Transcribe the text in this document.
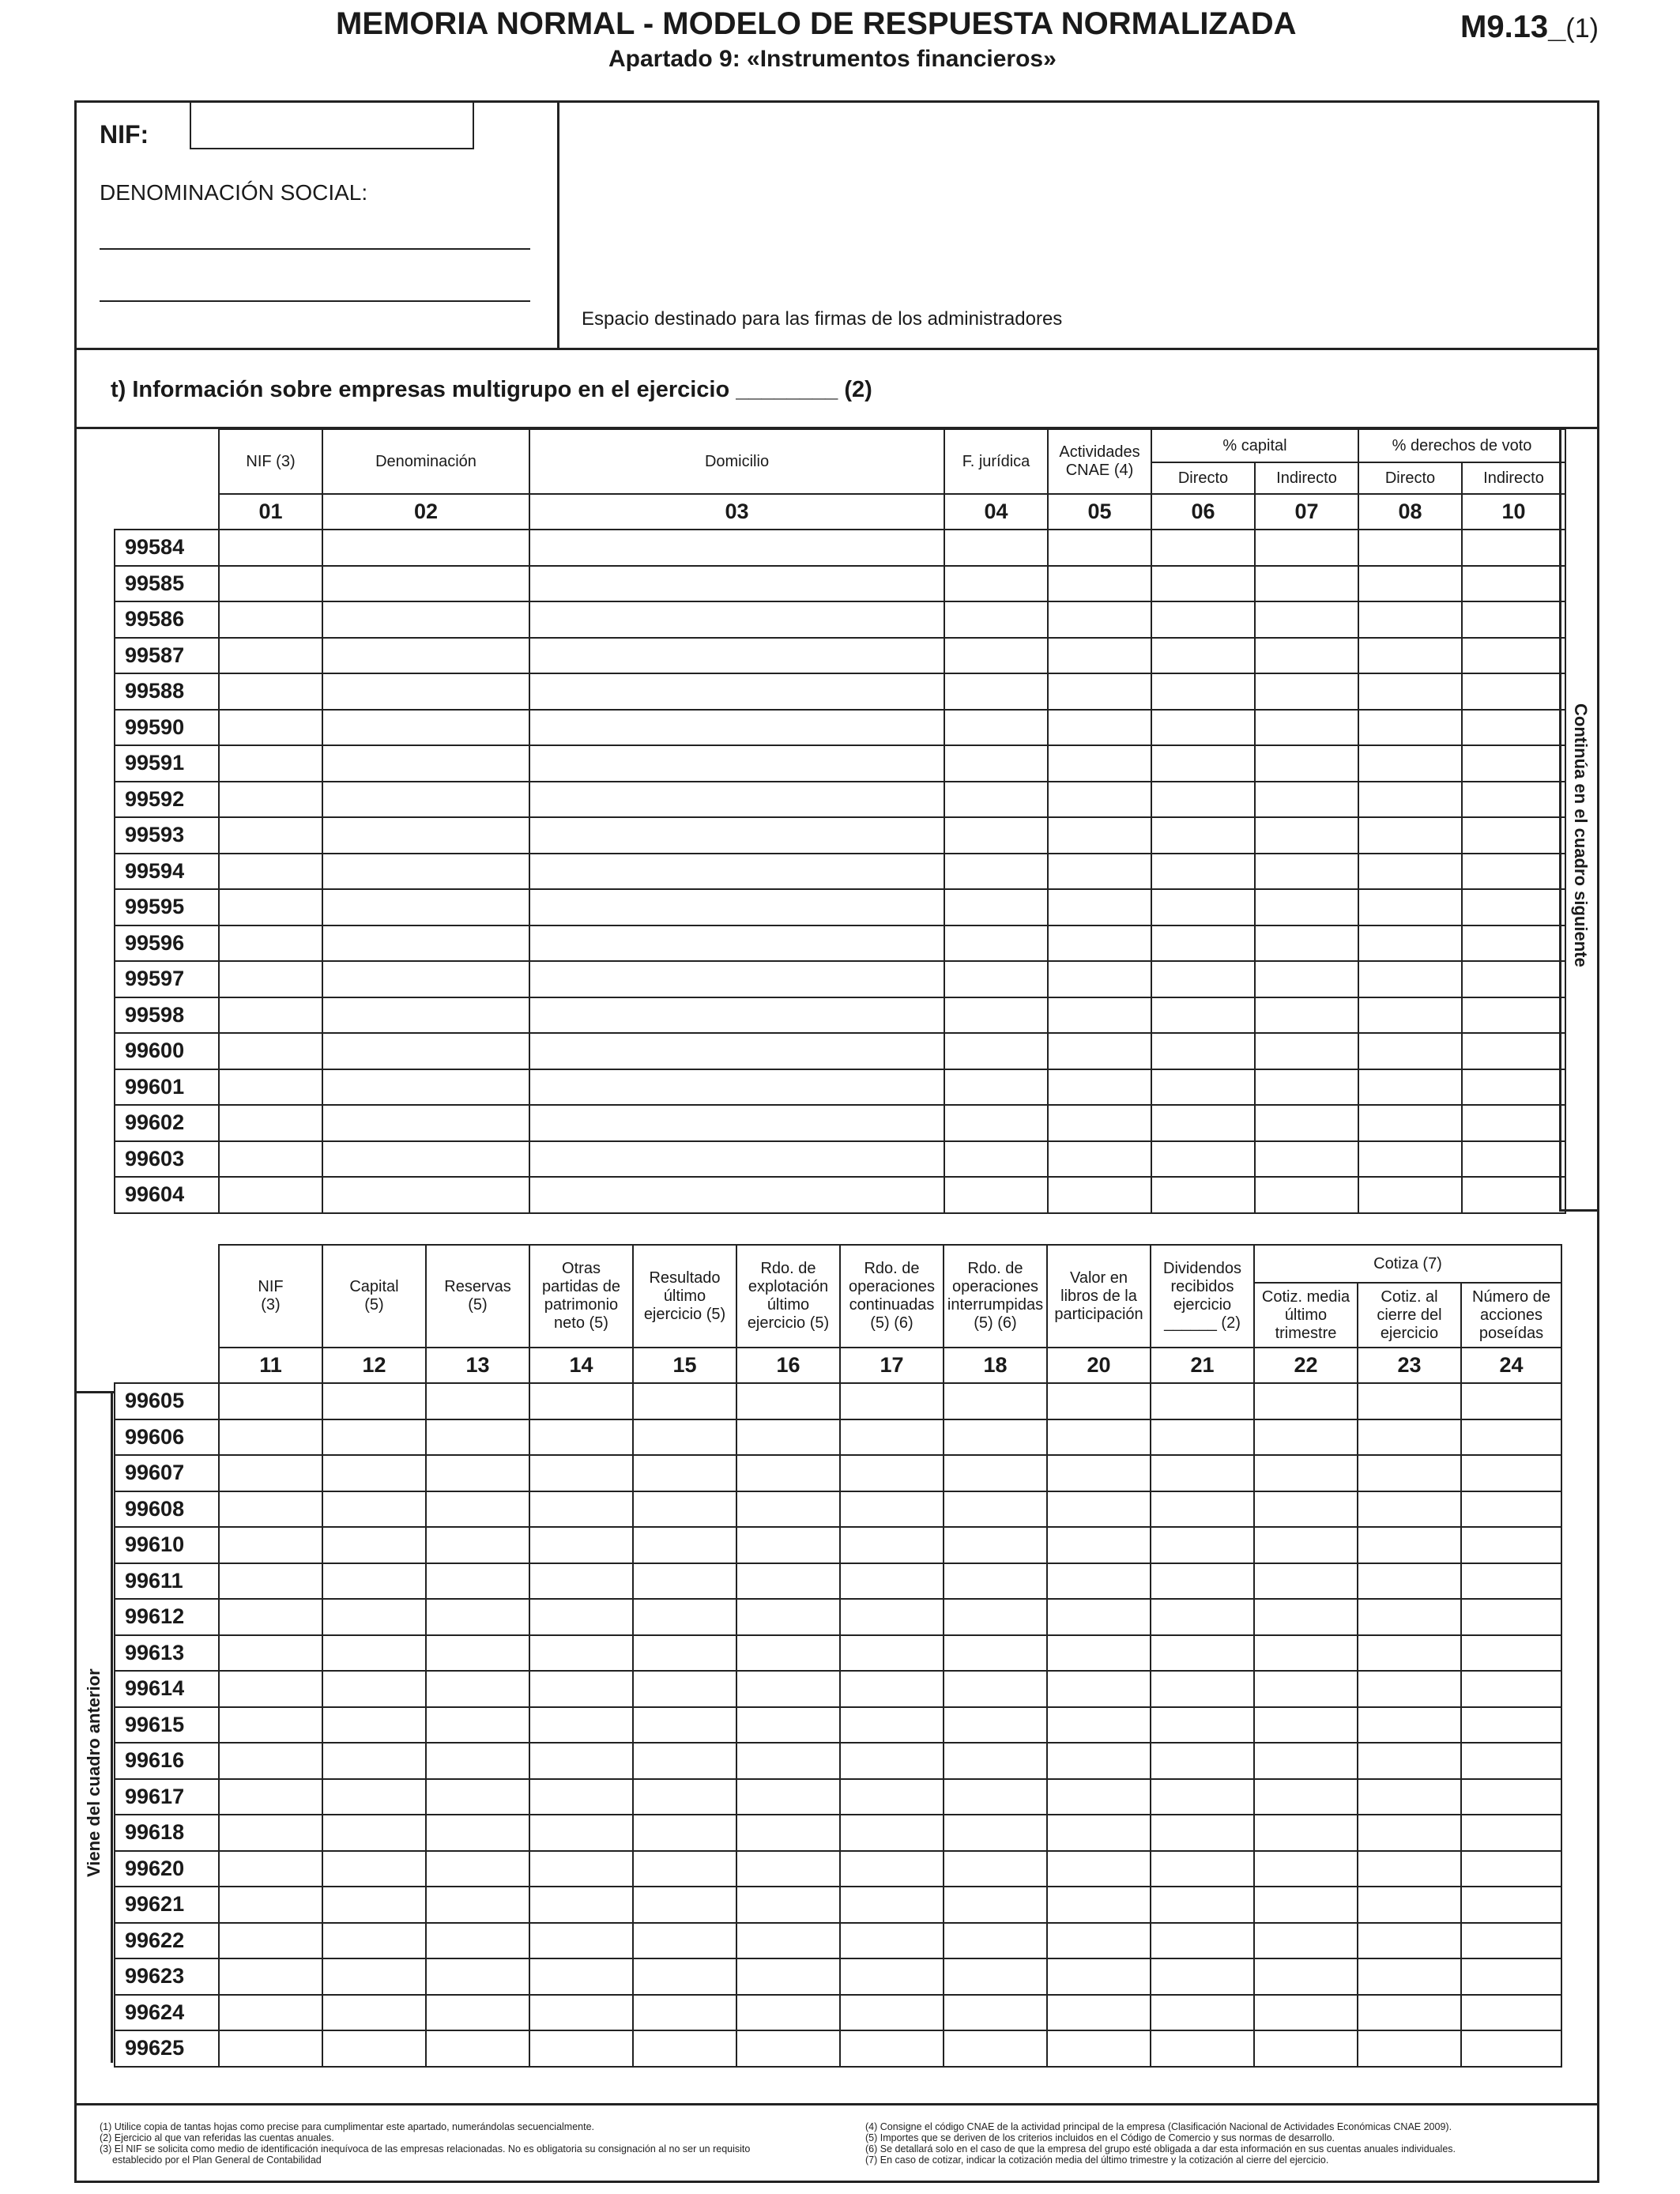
MEMORIA NORMAL - MODELO DE RESPUESTA NORMALIZADA
Apartado 9: «Instrumentos financieros»
M9.13_(1)
NIF:
DENOMINACIÓN SOCIAL:
Espacio destinado para las firmas de los administradores
t) Información sobre empresas multigrupo en el ejercicio ________ (2)
	NIF (3)	Denominación	Domicilio	F. jurídica	Actividades CNAE (4)	% capital		% derechos de voto	
						Directo	Indirecto	Directo	Indirecto
	01	02	03	04	05	06	07	08	10
99584									
99585									
99586									
99587									
99588									
99590									
99591									
99592									
99593									
99594									
99595									
99596									
99597									
99598									
99600									
99601									
99602									
99603									
99604									
Continúa en el cuadro siguiente
	NIF (3)	Capital (5)	Reservas (5)	Otras partidas de patrimonio neto (5)	Resultado último ejercicio (5)	Rdo. de explotación último ejercicio (5)	Rdo. de operaciones continuadas (5) (6)	Rdo. de operaciones interrumpidas (5) (6)	Valor en libros de la participación	Dividendos recibidos ejercicio ______ (2)	Cotiza (7)		
											Cotiz. media último trimestre	Cotiz. al cierre del ejercicio	Número de acciones poseídas
	11	12	13	14	15	16	17	18	20	21	22	23	24
99605													
99606													
99607													
99608													
99610													
99611													
99612													
99613													
99614													
99615													
99616													
99617													
99618													
99620													
99621													
99622													
99623													
99624													
99625													
Viene del cuadro anterior
(1) Utilice copia de tantas hojas como precise para cumplimentar este apartado, numerándolas secuencialmente.
(2) Ejercicio al que van referidas las cuentas anuales.
(3) El NIF se solicita como medio de identificación inequívoca de las empresas relacionadas. No es obligatoria su consignación al no ser un requisito
establecido por el Plan General de Contabilidad
(4) Consigne el código CNAE de la actividad principal de la empresa (Clasificación Nacional de Actividades Económicas CNAE 2009).
(5) Importes que se deriven de los criterios incluidos en el Código de Comercio y sus normas de desarrollo.
(6) Se detallará solo en el caso de que la empresa del grupo esté obligada a dar esta información en sus cuentas anuales individuales.
(7) En caso de cotizar, indicar la cotización media del último trimestre y la cotización al cierre del ejercicio.
